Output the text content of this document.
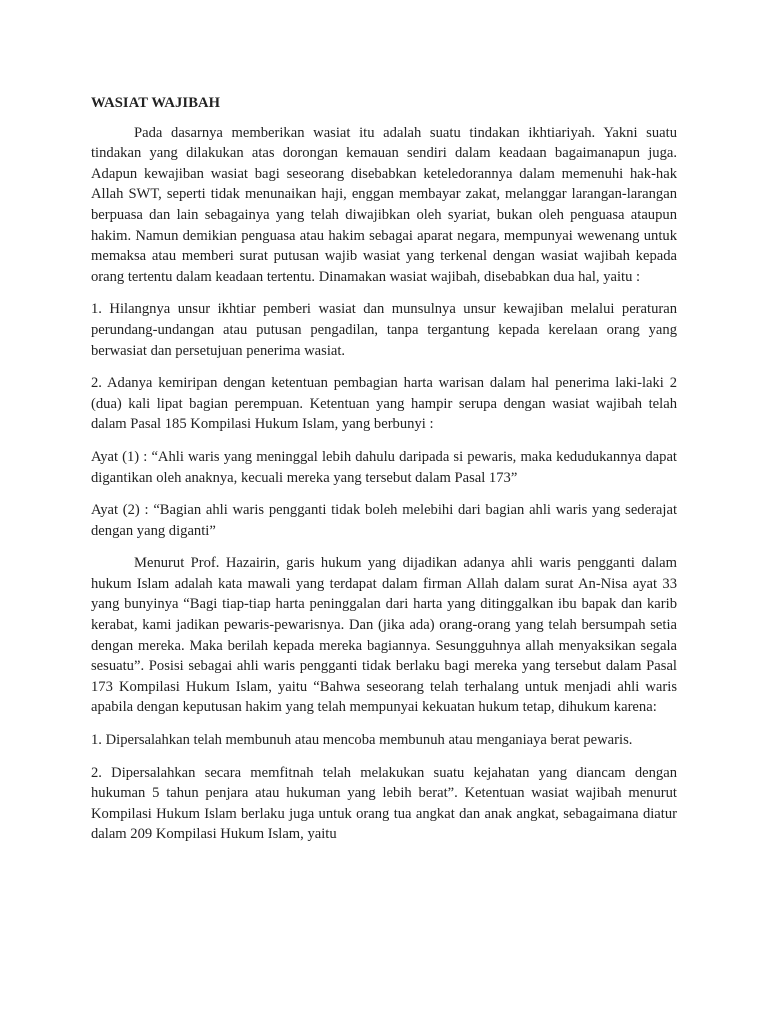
WASIAT WAJIBAH

Pada dasarnya memberikan wasiat itu adalah suatu tindakan ikhtiariyah. Yakni suatu tindakan yang dilakukan atas dorongan kemauan sendiri dalam keadaan bagaimanapun juga. Adapun kewajiban wasiat bagi seseorang disebabkan keteledorannya dalam memenuhi hak-hak Allah SWT, seperti tidak menunaikan haji, enggan membayar zakat, melanggar larangan-larangan berpuasa dan lain sebagainya yang telah diwajibkan oleh syariat, bukan oleh penguasa ataupun hakim. Namun demikian penguasa atau hakim sebagai aparat negara, mempunyai wewenang untuk memaksa atau memberi surat putusan wajib wasiat yang terkenal dengan wasiat wajibah kepada orang tertentu dalam keadaan tertentu. Dinamakan wasiat wajibah, disebabkan dua hal, yaitu :

1. Hilangnya unsur ikhtiar pemberi wasiat dan munsulnya unsur kewajiban melalui peraturan perundang-undangan atau putusan pengadilan, tanpa tergantung kepada kerelaan orang yang berwasiat dan persetujuan penerima wasiat.

2. Adanya kemiripan dengan ketentuan pembagian harta warisan dalam hal penerima laki-laki 2 (dua) kali lipat bagian perempuan. Ketentuan yang hampir serupa dengan wasiat wajibah telah dalam Pasal 185 Kompilasi Hukum Islam, yang berbunyi :

Ayat (1) : “Ahli waris yang meninggal lebih dahulu daripada si pewaris, maka kedudukannya dapat digantikan oleh anaknya, kecuali mereka yang tersebut dalam Pasal 173”

Ayat (2) : “Bagian ahli waris pengganti tidak boleh melebihi dari bagian ahli waris yang sederajat dengan yang diganti”

Menurut Prof. Hazairin, garis hukum yang dijadikan adanya ahli waris pengganti dalam hukum Islam adalah kata mawali yang terdapat dalam firman Allah dalam surat An-Nisa ayat 33 yang bunyinya “Bagi tiap-tiap harta peninggalan dari harta yang ditinggalkan ibu bapak dan karib kerabat, kami jadikan pewaris-pewarisnya. Dan (jika ada) orang-orang yang telah bersumpah setia dengan mereka. Maka berilah kepada mereka bagiannya. Sesungguhnya allah menyaksikan segala sesuatu”. Posisi sebagai ahli waris pengganti tidak berlaku bagi mereka yang tersebut dalam Pasal 173 Kompilasi Hukum Islam, yaitu “Bahwa seseorang telah terhalang untuk menjadi ahli waris apabila dengan keputusan hakim yang telah mempunyai kekuatan hukum tetap, dihukum karena:

1. Dipersalahkan telah membunuh atau mencoba membunuh atau menganiaya berat pewaris.

2. Dipersalahkan secara memfitnah telah melakukan suatu kejahatan yang diancam dengan hukuman 5 tahun penjara atau hukuman yang lebih berat”. Ketentuan wasiat wajibah menurut Kompilasi Hukum Islam berlaku juga untuk orang tua angkat dan anak angkat, sebagaimana diatur dalam 209 Kompilasi Hukum Islam, yaitu
